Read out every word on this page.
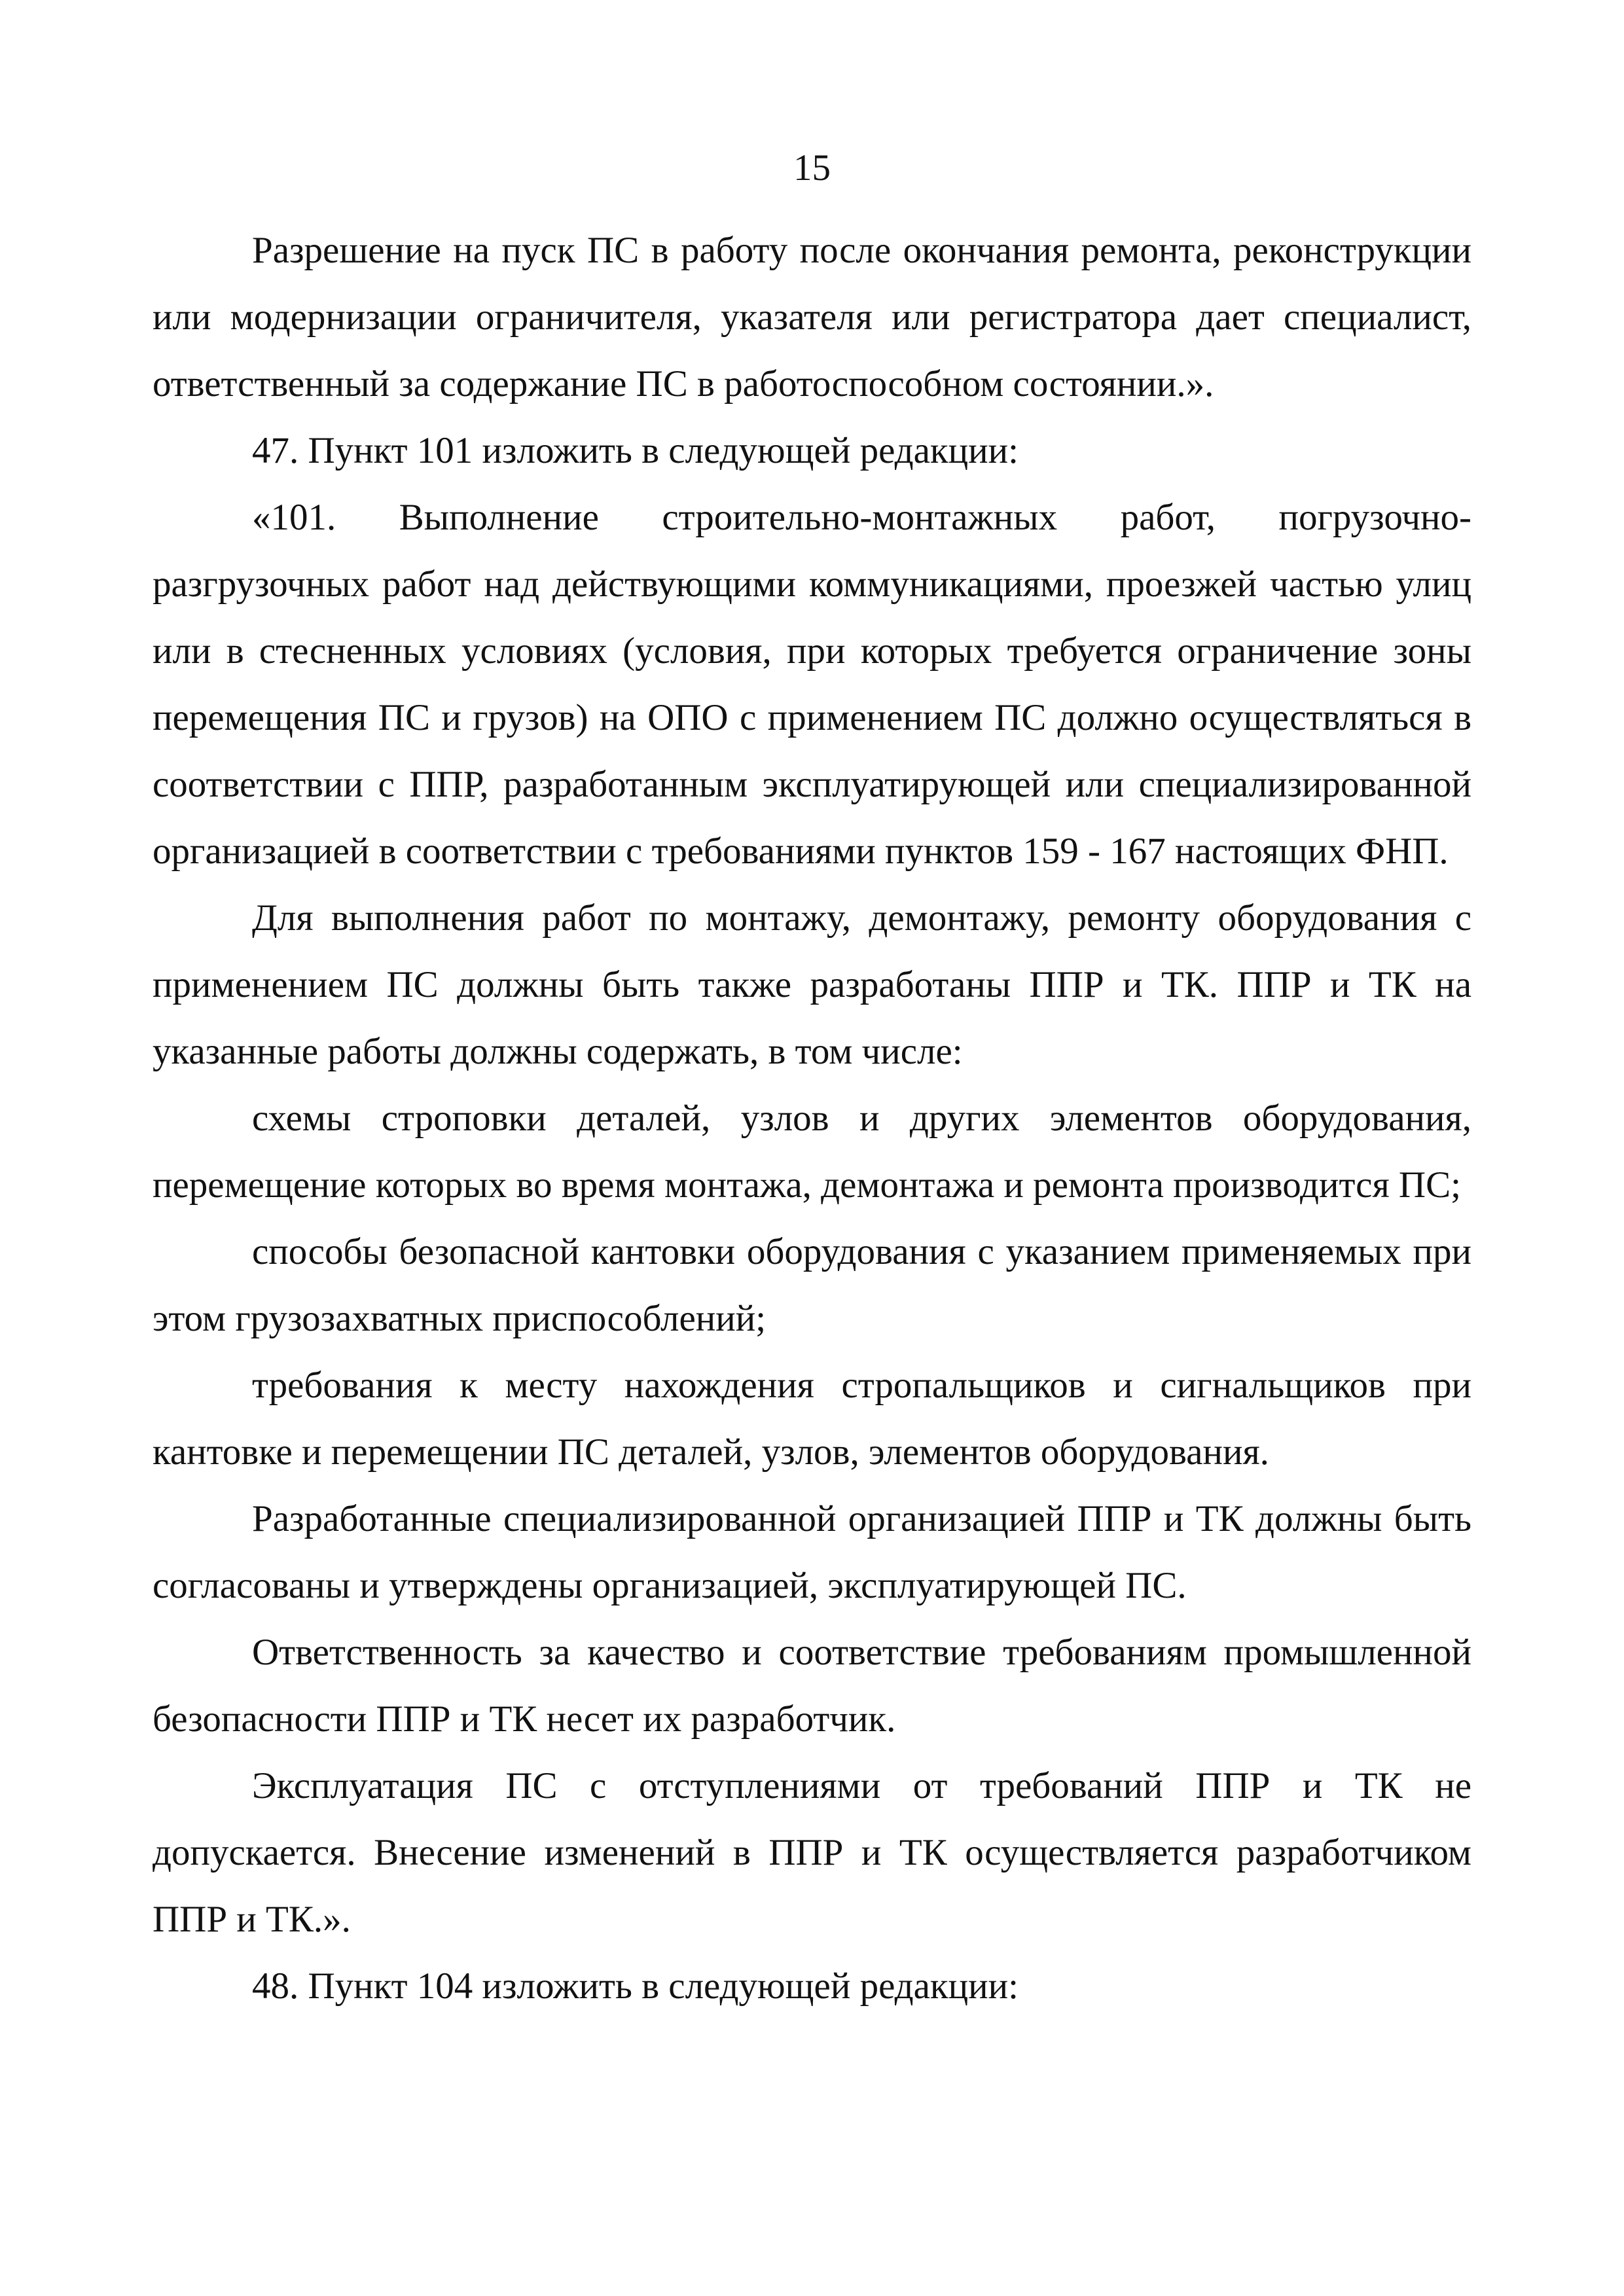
15

Разрешение на пуск ПС в работу после окончания ремонта, реконструкции или модернизации ограничителя, указателя или регистратора дает специалист, ответственный за содержание ПС в работоспособном состоянии.».

47. Пункт 101 изложить в следующей редакции:

«101. Выполнение строительно-монтажных работ, погрузочно-разгрузочных работ над действующими коммуникациями, проезжей частью улиц или в стесненных условиях (условия, при которых требуется ограничение зоны перемещения ПС и грузов) на ОПО с применением ПС должно осуществляться в соответствии с ППР, разработанным эксплуатирующей или специализированной организацией в соответствии с требованиями пунктов 159 - 167 настоящих ФНП.

Для выполнения работ по монтажу, демонтажу, ремонту оборудования с применением ПС должны быть также разработаны ППР и ТК. ППР и ТК на указанные работы должны содержать, в том числе:

схемы строповки деталей, узлов и других элементов оборудования, перемещение которых во время монтажа, демонтажа и ремонта производится ПС;

способы безопасной кантовки оборудования с указанием применяемых при этом грузозахватных приспособлений;

требования к месту нахождения стропальщиков и сигнальщиков при кантовке и перемещении ПС деталей, узлов, элементов оборудования.

Разработанные специализированной организацией ППР и ТК должны быть согласованы и утверждены организацией, эксплуатирующей ПС.

Ответственность за качество и соответствие требованиям промышленной безопасности ППР и ТК несет их разработчик.

Эксплуатация ПС с отступлениями от требований ППР и ТК не допускается. Внесение изменений в ППР и ТК осуществляется разработчиком ППР и ТК.».

48. Пункт 104 изложить в следующей редакции:
